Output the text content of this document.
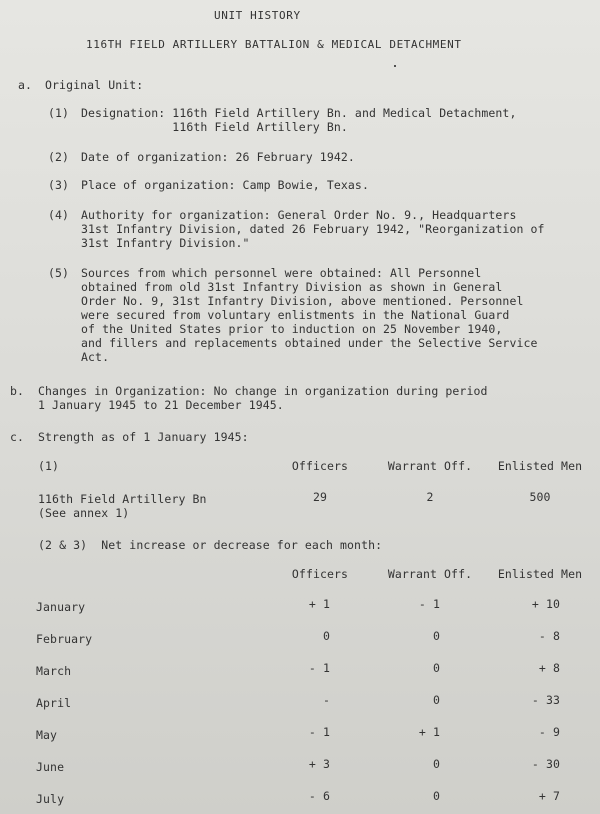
UNIT HISTORY
116TH FIELD ARTILLERY BATTALION & MEDICAL DETACHMENT
a. Original Unit:
(1) Designation: 116th Field Artillery Bn. and Medical Detachment,
116th Field Artillery Bn.
(2) Date of organization: 26 February 1942.
(3) Place of organization: Camp Bowie, Texas.
(4) Authority for organization: General Order No. 9., Headquarters
31st Infantry Division, dated 26 February 1942, "Reorganization of
31st Infantry Division."
(5) Sources from which personnel were obtained: All Personnel
obtained from old 31st Infantry Division as shown in General
Order No. 9, 31st Infantry Division, above mentioned. Personnel
were secured from voluntary enlistments in the National Guard
of the United States prior to induction on 25 November 1940,
and fillers and replacements obtained under the Selective Service
Act.
b. Changes in Organization: No change in organization during period
1 January 1945 to 21 December 1945.
c. Strength as of 1 January 1945:
(1)	Officers	Warrant Off.	Enlisted Men
116th Field Artillery Bn
(See annex 1)
29	2	500
(2 & 3)  Net increase or decrease for each month:
Officers	Warrant Off.	Enlisted Men
January	+ 1	- 1	+ 10
February	0	0	- 8
March	- 1	0	+ 8
April	-	0	- 33
May	- 1	+ 1	- 9
June	+ 3	0	- 30
July	- 6	0	+ 7
